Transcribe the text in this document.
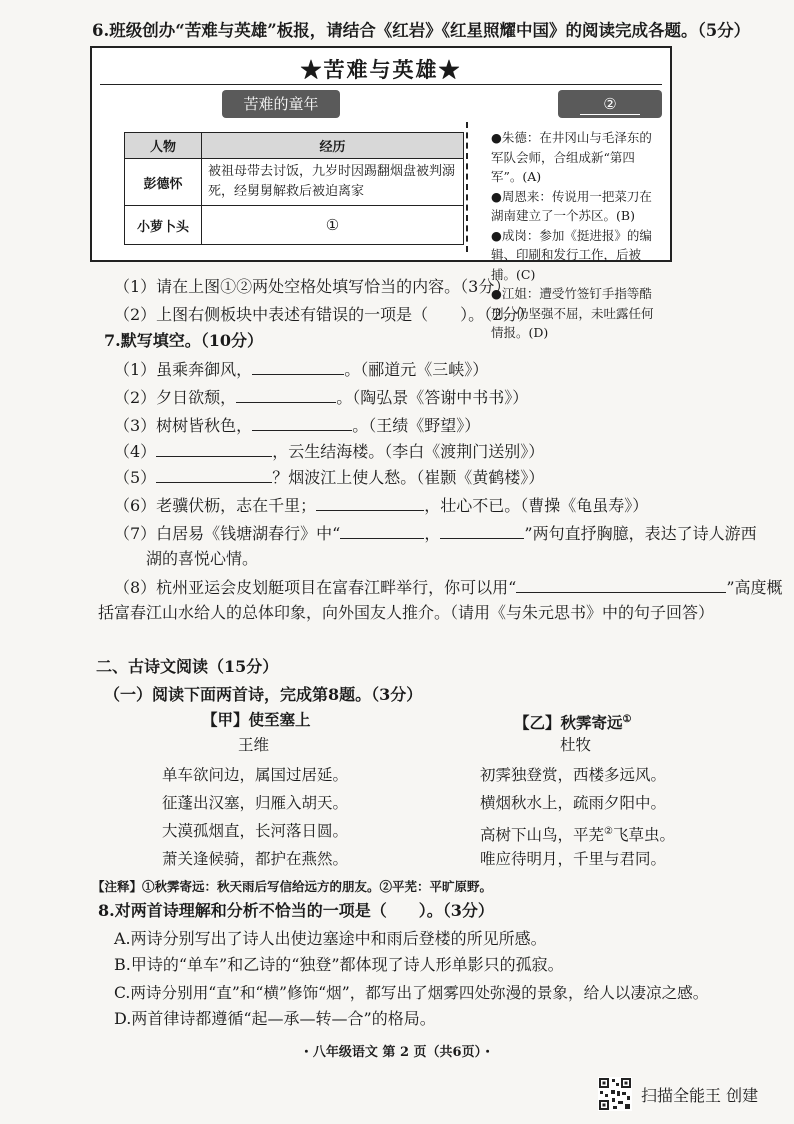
6.班级创办“苦难与英雄”板报，请结合《红岩》《红星照耀中国》的阅读完成各题。（5分）
★苦难与英雄★
苦难的童年	②
人物	经历
彭德怀	被祖母带去讨饭，九岁时因踢翻烟盘被判溺死，经舅舅解救后被迫离家
小萝卜头	①
●朱德：在井冈山与毛泽东的军队会师，合组成新“第四军”。(A)
●周恩来：传说用一把菜刀在湖南建立了一个苏区。(B)
●成岗：参加《挺进报》的编辑、印刷和发行工作，后被捕。(C)
●江姐：遭受竹签钉手指等酷刑，仍坚强不屈，未吐露任何情报。(D)
（1）请在上图①②两处空格处填写恰当的内容。（3分）
（2）上图右侧板块中表述有错误的一项是（　　）。（2分）
7.默写填空。（10分）
（1）虽乘奔御风，	。（郦道元《三峡》）
（2）夕日欲颓，	。（陶弘景《答谢中书书》）
（3）树树皆秋色，	。（王绩《野望》）
（4）	，云生结海楼。（李白《渡荆门送别》）
（5）	？烟波江上使人愁。（崔颢《黄鹤楼》）
（6）老骥伏枥，志在千里；	，壮心不已。（曹操《龟虽寿》）
（7）白居易《钱塘湖春行》中“	，	”两句直抒胸臆，表达了诗人游西
湖的喜悦心情。
（8）杭州亚运会皮划艇项目在富春江畔举行，你可以用“	”高度概
括富春江山水给人的总体印象，向外国友人推介。（请用《与朱元思书》中的句子回答）
二、古诗文阅读（15分）
（一）阅读下面两首诗，完成第8题。（3分）
【甲】使至塞上
王维
单车欲问边，属国过居延。
征蓬出汉塞，归雁入胡天。
大漠孤烟直，长河落日圆。
萧关逢候骑，都护在燕然。
【乙】秋霁寄远①
杜牧
初霁独登赏，西楼多远风。
横烟秋水上，疏雨夕阳中。
高树下山鸟，平芜②飞草虫。
唯应待明月，千里与君同。
【注释】①秋霁寄远：秋天雨后写信给远方的朋友。②平芜：平旷原野。
8.对两首诗理解和分析不恰当的一项是（　　）。（3分）
A.两诗分别写出了诗人出使边塞途中和雨后登楼的所见所感。
B.甲诗的“单车”和乙诗的“独登”都体现了诗人形单影只的孤寂。
C.两诗分别用“直”和“横”修饰“烟”，都写出了烟雾四处弥漫的景象，给人以凄凉之感。
D.两首律诗都遵循“起—承—转—合”的格局。
・八年级语文 第 2 页（共6页）・
扫描全能王 创建
